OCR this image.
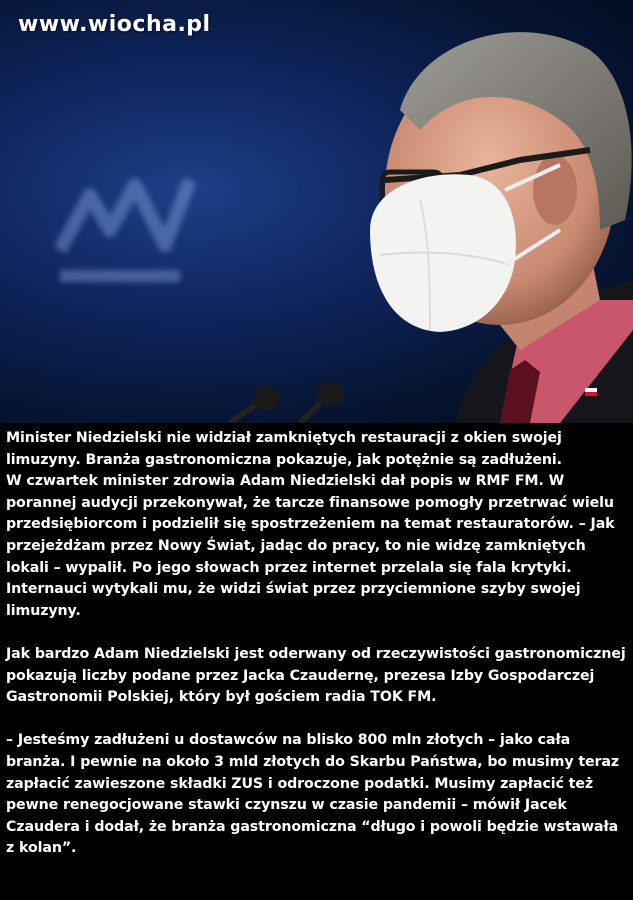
www.wiocha.pl

Minister Niedzielski nie widział zamkniętych restauracji z okien swojej limuzyny. Branża gastronomiczna pokazuje, jak potężnie są zadłużeni.
W czwartek minister zdrowia Adam Niedzielski dał popis w RMF FM. W porannej audycji przekonywał, że tarcze finansowe pomogły przetrwać wielu przedsiębiorcom i podzielił się spostrzeżeniem na temat restauratorów. – Jak przejeżdżam przez Nowy Świat, jadąc do pracy, to nie widzę zamkniętych lokali – wypalił. Po jego słowach przez internet przelala się fala krytyki. Internauci wytykali mu, że widzi świat przez przyciemnione szyby swojej limuzyny.

Jak bardzo Adam Niedzielski jest oderwany od rzeczywistości gastronomicznej pokazują liczby podane przez Jacka Czaudernę, prezesa Izby Gospodarczej Gastronomii Polskiej, który był gościem radia TOK FM.

– Jesteśmy zadłużeni u dostawców na blisko 800 mln złotych – jako cała branża. I pewnie na około 3 mld złotych do Skarbu Państwa, bo musimy teraz zapłacić zawieszone składki ZUS i odroczone podatki. Musimy zapłacić też pewne renegocjowane stawki czynszu w czasie pandemii – mówił Jacek Czaudera i dodał, że branża gastronomiczna “długo i powoli będzie wstawała z kolan”.
